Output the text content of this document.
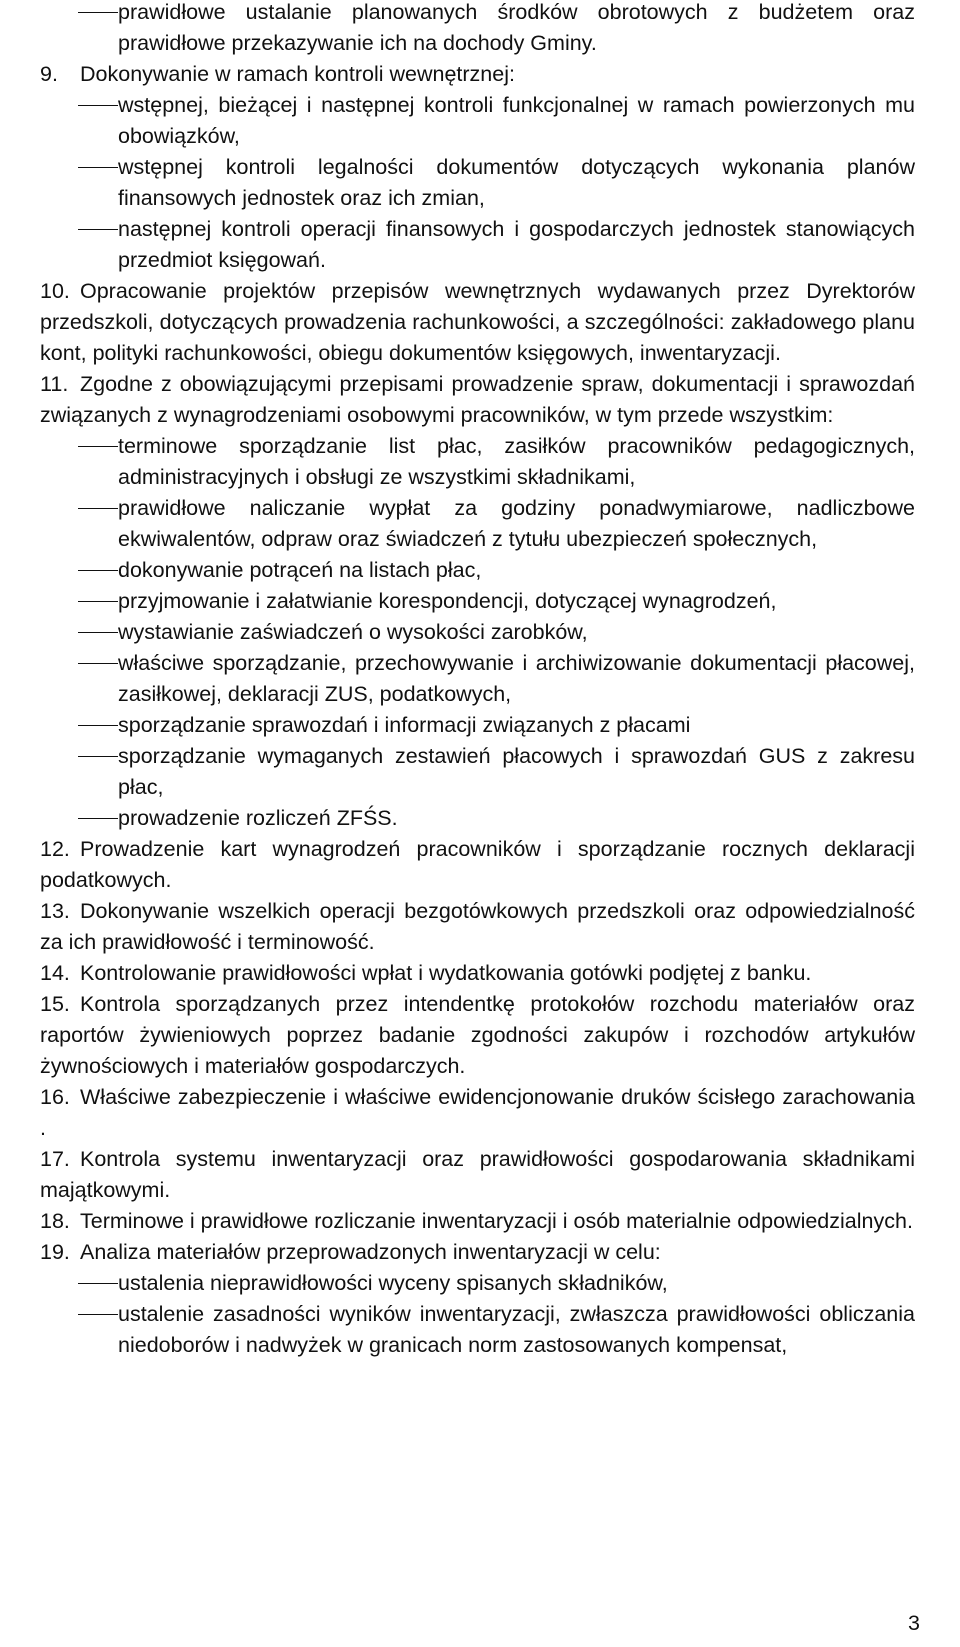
prawidłowe ustalanie planowanych środków obrotowych z budżetem oraz prawidłowe przekazywanie ich na dochody Gminy.
9.	Dokonywanie w ramach kontroli wewnętrznej:
wstępnej, bieżącej i następnej kontroli funkcjonalnej w ramach powierzonych mu obowiązków,
wstępnej kontroli legalności dokumentów dotyczących wykonania planów finansowych jednostek oraz ich zmian,
następnej kontroli operacji finansowych i gospodarczych jednostek stanowiących przedmiot księgowań.
10. Opracowanie projektów przepisów wewnętrznych wydawanych przez Dyrektorów przedszkoli, dotyczących prowadzenia rachunkowości, a szczególności: zakładowego planu kont, polityki rachunkowości, obiegu dokumentów księgowych, inwentaryzacji.
11. Zgodne z obowiązującymi przepisami prowadzenie spraw, dokumentacji i sprawozdań związanych z wynagrodzeniami osobowymi pracowników, w tym przede wszystkim:
terminowe sporządzanie list płac, zasiłków pracowników pedagogicznych, administracyjnych i obsługi ze wszystkimi składnikami,
prawidłowe naliczanie wypłat za godziny ponadwymiarowe, nadliczbowe ekwiwalentów, odpraw oraz świadczeń z tytułu ubezpieczeń społecznych,
dokonywanie potrąceń na listach płac,
przyjmowanie i załatwianie korespondencji, dotyczącej wynagrodzeń,
wystawianie zaświadczeń o wysokości zarobków,
właściwe sporządzanie, przechowywanie i archiwizowanie dokumentacji płacowej, zasiłkowej, deklaracji ZUS, podatkowych,
sporządzanie sprawozdań i informacji związanych z płacami
sporządzanie wymaganych zestawień płacowych i sprawozdań GUS z zakresu płac,
prowadzenie rozliczeń ZFŚS.
12. Prowadzenie kart wynagrodzeń pracowników i sporządzanie rocznych deklaracji podatkowych.
13. Dokonywanie wszelkich operacji bezgotówkowych przedszkoli oraz odpowiedzialność za ich prawidłowość i terminowość.
14. Kontrolowanie prawidłowości wpłat i wydatkowania gotówki podjętej z banku.
15. Kontrola sporządzanych przez intendentkę protokołów rozchodu materiałów oraz raportów żywieniowych poprzez badanie zgodności zakupów i rozchodów artykułów żywnościowych i materiałów gospodarczych.
16. Właściwe zabezpieczenie i właściwe ewidencjonowanie druków ścisłego zarachowania .
17. Kontrola systemu inwentaryzacji oraz prawidłowości gospodarowania składnikami majątkowymi.
18. Terminowe i prawidłowe rozliczanie inwentaryzacji i osób materialnie odpowiedzialnych.
19. Analiza materiałów przeprowadzonych inwentaryzacji w celu:
ustalenia nieprawidłowości wyceny spisanych składników,
ustalenie zasadności wyników inwentaryzacji, zwłaszcza prawidłowości obliczania niedoborów i nadwyżek w granicach norm zastosowanych kompensat,
3
